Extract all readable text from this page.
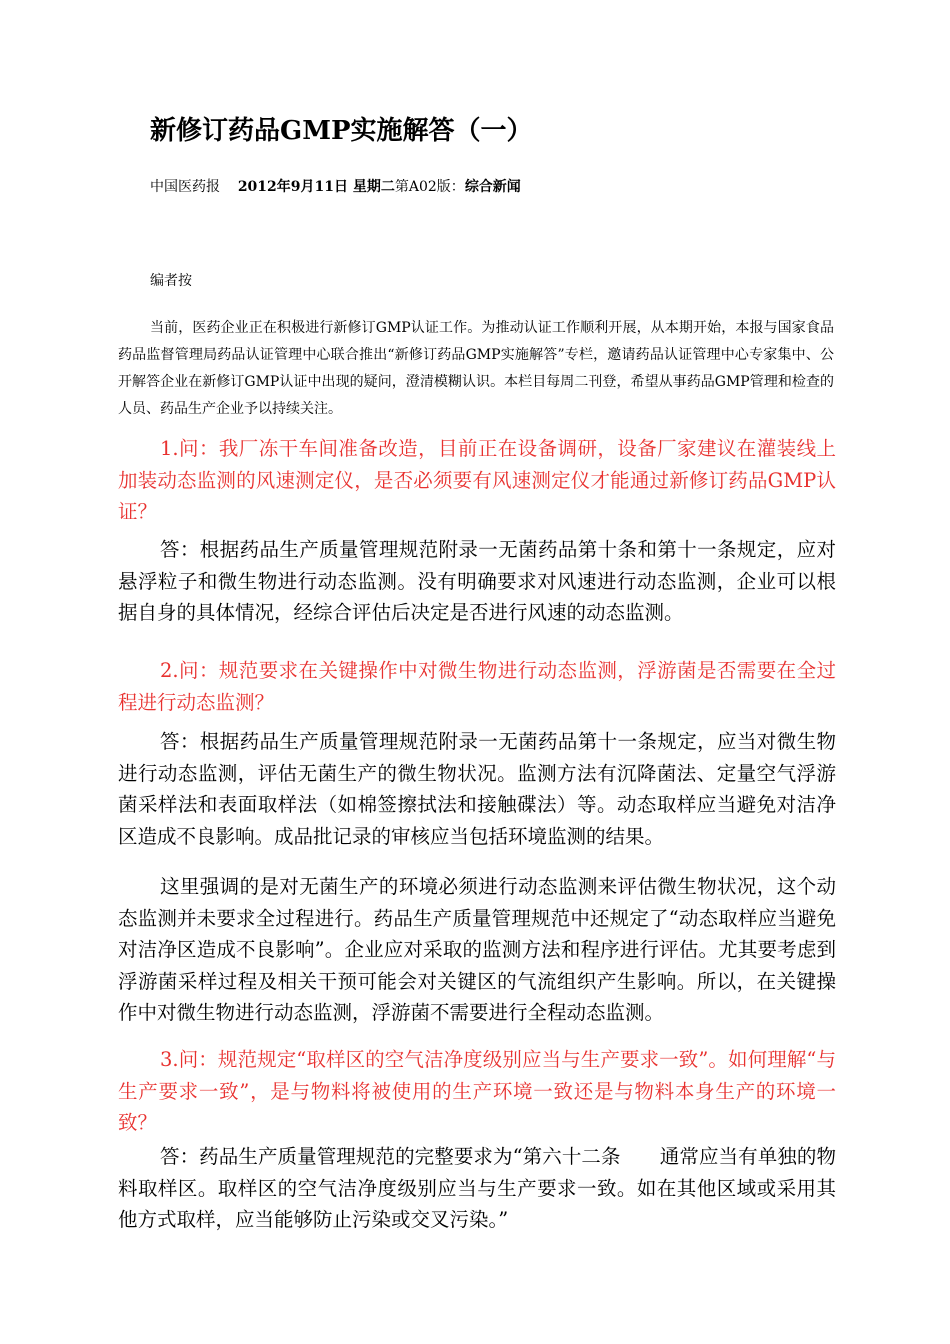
新修订药品GMP实施解答（一）
中国医药报 2012年9月11日 星期二第A02版：综合新闻
编者按
当前，医药企业正在积极进行新修订GMP认证工作。为推动认证工作顺利开展，从本期开始，本报与国家食品药品监督管理局药品认证管理中心联合推出“新修订药品GMP实施解答”专栏，邀请药品认证管理中心专家集中、公开解答企业在新修订GMP认证中出现的疑问，澄清模糊认识。本栏目每周二刊登，希望从事药品GMP管理和检查的人员、药品生产企业予以持续关注。
1.问：我厂冻干车间准备改造，目前正在设备调研，设备厂家建议在灌装线上加装动态监测的风速测定仪，是否必须要有风速测定仪才能通过新修订药品GMP认证？
答：根据药品生产质量管理规范附录一无菌药品第十条和第十一条规定，应对悬浮粒子和微生物进行动态监测。没有明确要求对风速进行动态监测，企业可以根据自身的具体情况，经综合评估后决定是否进行风速的动态监测。
2.问：规范要求在关键操作中对微生物进行动态监测，浮游菌是否需要在全过程进行动态监测？
答：根据药品生产质量管理规范附录一无菌药品第十一条规定，应当对微生物进行动态监测，评估无菌生产的微生物状况。监测方法有沉降菌法、定量空气浮游菌采样法和表面取样法（如棉签擦拭法和接触碟法）等。动态取样应当避免对洁净区造成不良影响。成品批记录的审核应当包括环境监测的结果。
这里强调的是对无菌生产的环境必须进行动态监测来评估微生物状况，这个动态监测并未要求全过程进行。药品生产质量管理规范中还规定了“动态取样应当避免对洁净区造成不良影响”。企业应对采取的监测方法和程序进行评估。尤其要考虑到浮游菌采样过程及相关干预可能会对关键区的气流组织产生影响。所以，在关键操作中对微生物进行动态监测，浮游菌不需要进行全程动态监测。
3.问：规范规定“取样区的空气洁净度级别应当与生产要求一致”。如何理解“与生产要求一致”，是与物料将被使用的生产环境一致还是与物料本身生产的环境一致？
答：药品生产质量管理规范的完整要求为“第六十二条　　通常应当有单独的物料取样区。取样区的空气洁净度级别应当与生产要求一致。如在其他区域或采用其他方式取样，应当能够防止污染或交叉污染。”
